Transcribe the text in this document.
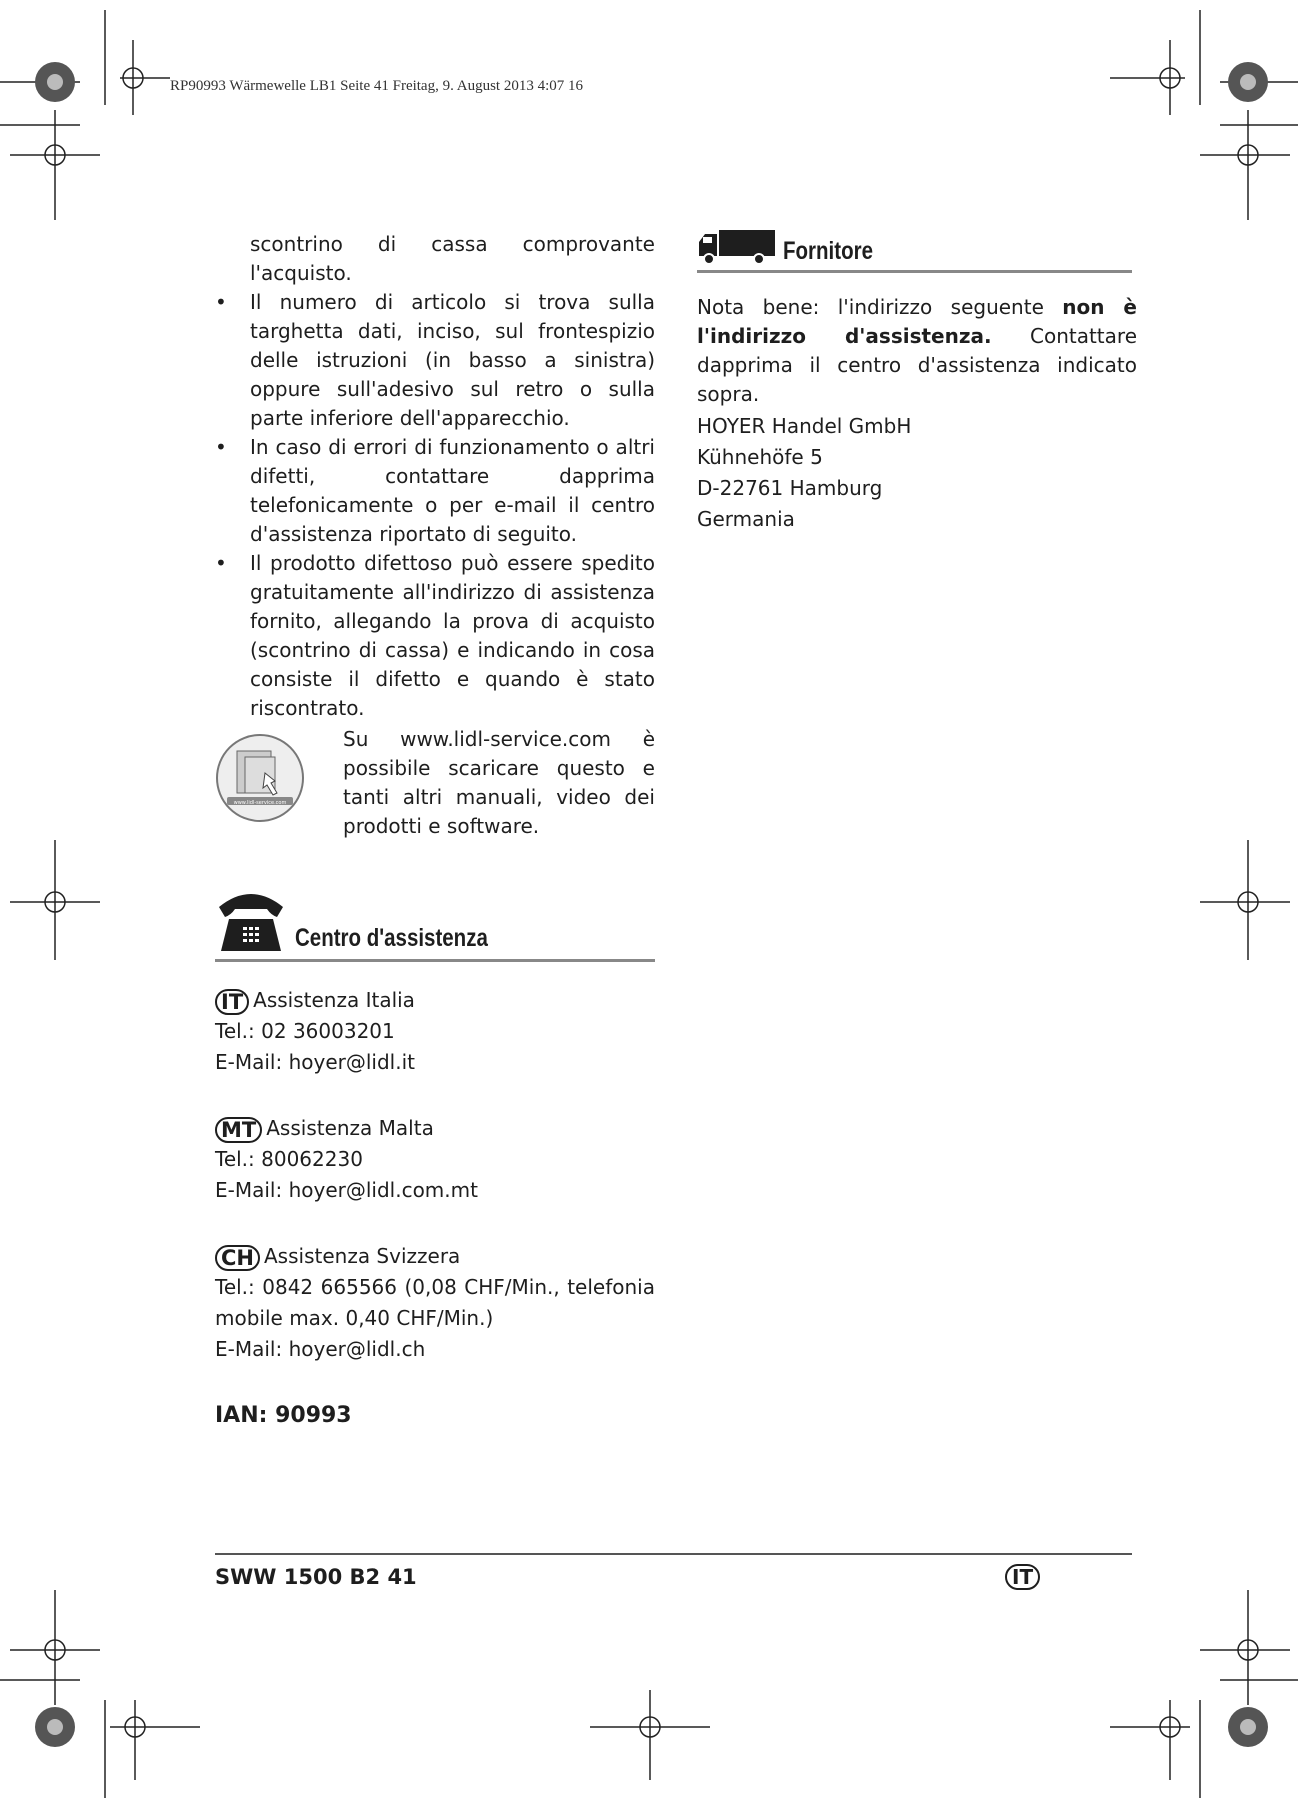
RP90993 Wärmewelle LB1 Seite 41 Freitag, 9. August 2013 4:07 16

scontrino di cassa comprovante l'acquisto.

• Il numero di articolo si trova sulla targhetta dati, inciso, sul frontespizio delle istruzioni (in basso a sinistra) oppure sull'adesivo sul retro o sulla parte inferiore dell'apparecchio.
• In caso di errori di funzionamento o altri difetti, contattare dapprima telefonicamente o per e-mail il centro d'assistenza riportato di seguito.
• Il prodotto difettoso può essere spedito gratuitamente all'indirizzo di assistenza fornito, allegando la prova di acquisto (scontrino di cassa) e indicando in cosa consiste il difetto e quando è stato riscontrato.
www.lidl-service.com

Su www.lidl-service.com è possibile scaricare questo e tanti altri manuali, video dei prodotti e software.

Centro d'assistenza
IT Assistenza Italia
Tel.: 02 36003201
E-Mail: hoyer@lidl.it
MT Assistenza Malta
Tel.: 80062230
E-Mail: hoyer@lidl.com.mt
CH Assistenza Svizzera
Tel.: 0842 665566 (0,08 CHF/Min., telefonia mobile max. 0,40 CHF/Min.)
E-Mail: hoyer@lidl.ch
IAN: 90993
Fornitore

Nota bene: l'indirizzo seguente non è l'indirizzo d'assistenza. Contattare dapprima il centro d'assistenza indicato sopra.

HOYER Handel GmbH
Kühnehöfe 5
D-22761 Hamburg
Germania
SWW 1500 B2 41	IT
